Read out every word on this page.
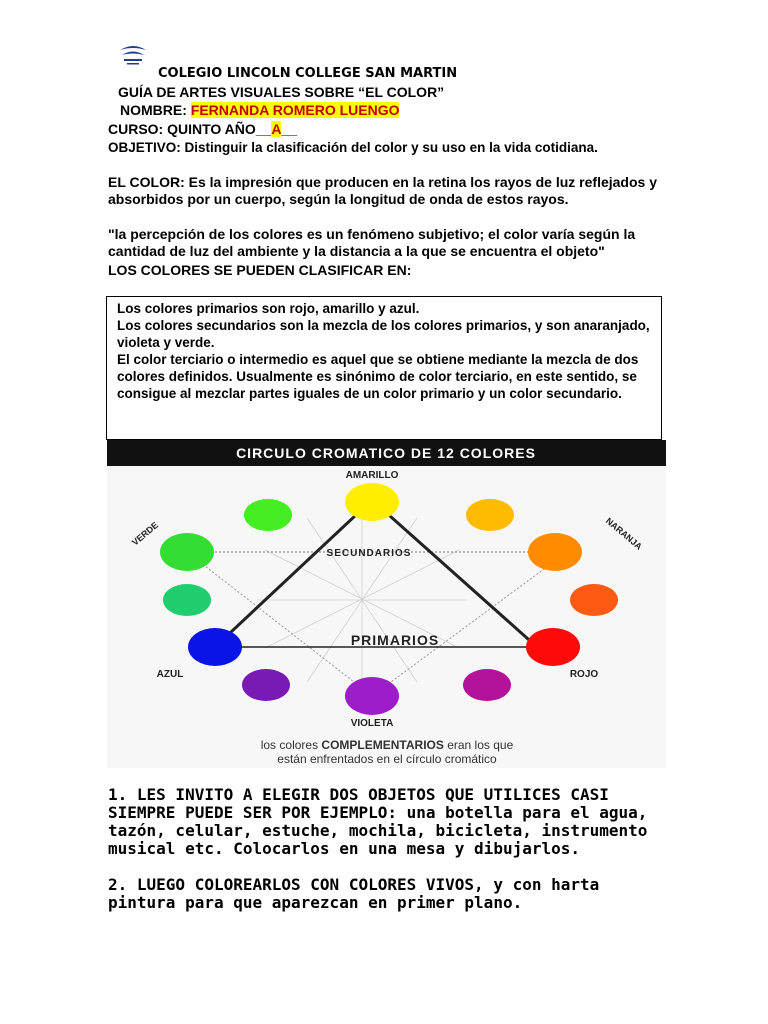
COLEGIO LINCOLN COLLEGE SAN MARTIN
GUÍA DE ARTES VISUALES SOBRE “EL COLOR”
NOMBRE: FERNANDA ROMERO LUENGO
CURSO: QUINTO AÑO__A__
OBJETIVO: Distinguir la clasificación del color y su uso en la vida cotidiana.
EL COLOR: Es la impresión que producen en la retina los rayos de luz reflejados y absorbidos por un cuerpo, según la longitud de onda de estos rayos.
"la percepción de los colores es un fenómeno subjetivo; el color varía según la cantidad de luz del ambiente y la distancia a la que se encuentra el objeto"
LOS COLORES SE PUEDEN CLASIFICAR EN:

Los colores primarios son rojo, amarillo y azul.

Los colores secundarios son la mezcla de los colores primarios, y son anaranjado, violeta y verde.

El color terciario o intermedio es aquel que se obtiene mediante la mezcla de dos colores definidos. Usualmente es sinónimo de color terciario, en este sentido, se consigue al mezclar partes iguales de un color primario y un color secundario.

CIRCULO CROMATICO DE 12 COLORES
AMARILLO
NARANJA
VERDE
AZUL	ROJO
VIOLETA
SECUNDARIOS
PRIMARIOS
los colores COMPLEMENTARIOS eran los que
están enfrentados en el círculo cromático
1. LES INVITO A ELEGIR DOS OBJETOS QUE UTILICES CASI SIEMPRE PUEDE SER POR EJEMPLO: una botella para el agua, tazón, celular, estuche, mochila, bicicleta, instrumento musical etc. Colocarlos en una mesa y dibujarlos.
2. LUEGO COLOREARLOS CON COLORES VIVOS, y con harta pintura para que aparezcan en primer plano.
